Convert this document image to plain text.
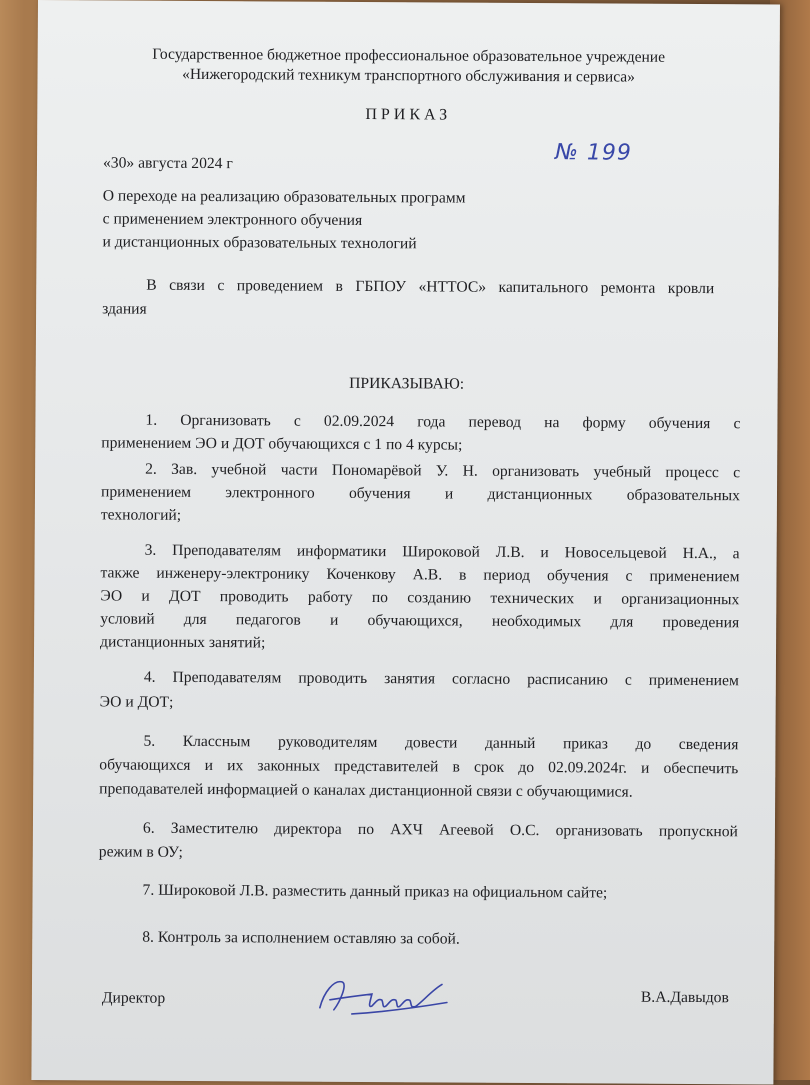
Государственное бюджетное профессиональное образовательное учреждение
«Нижегородский техникум транспортного обслуживания и сервиса»
ПРИКАЗ
«30» августа 2024 г	№ 199
О переходе на реализацию образовательных программ
с применением электронного обучения
и дистанционных образовательных технологий
В связи с проведением в ГБПОУ «НТТОС» капитального ремонта кровли
здания
ПРИКАЗЫВАЮ:
1. Организовать с 02.09.2024 года перевод на форму обучения с
применением ЭО и ДОТ обучающихся с 1 по 4 курсы;
2. Зав. учебной части Пономарёвой У. Н. организовать учебный процесс с
применением электронного обучения и дистанционных образовательных
технологий;
3. Преподавателям информатики Широковой Л.В. и Новосельцевой Н.А., а
также инженеру-электронику Коченкову А.В. в период обучения с применением
ЭО и ДОТ проводить работу по созданию технических и организационных
условий для педагогов и обучающихся, необходимых для проведения
дистанционных занятий;
4. Преподавателям проводить занятия согласно расписанию с применением
ЭО и ДОТ;
5. Классным руководителям довести данный приказ до сведения
обучающихся и их законных представителей в срок до 02.09.2024г. и обеспечить
преподавателей информацией о каналах дистанционной связи с обучающимися.
6. Заместителю директора по АХЧ Агеевой О.С. организовать пропускной
режим в ОУ;
7. Широковой Л.В. разместить данный приказ на официальном сайте;
8. Контроль за исполнением оставляю за собой.
Директор	В.А.Давыдов
